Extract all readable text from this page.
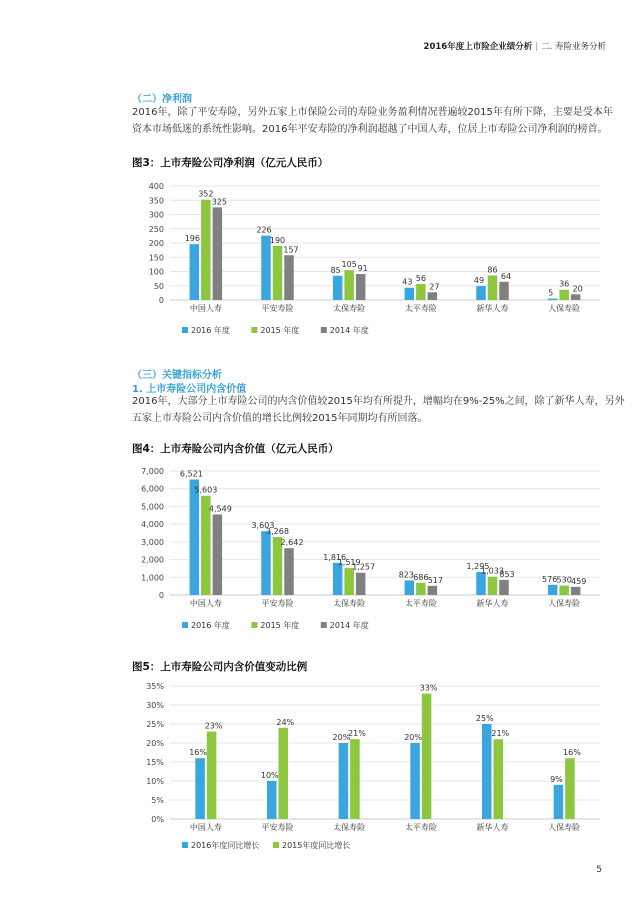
2016年度上市险企业绩分析 | 二. 寿险业务分析
（二）净利润
2016年，除了平安寿险，另外五家上市保险公司的寿险业务盈利情况普遍较2015年有所下降，主要是受本年
资本市场低迷的系统性影响。2016年平安寿险的净利润超越了中国人寿，位居上市寿险公司净利润的榜首。
图3：上市寿险公司净利润（亿元人民币）
0
50
100
150
200
250
300
350
400
196
352
325
中国人寿
226
190
157
平安寿险
85
105 91
太保寿险
43 56
27
太平寿险
49
86
64
新华人寿
5
36
20
人保寿险
2016 年度	2015 年度	2014 年度
（三）关键指标分析
1. 上市寿险公司内含价值
2016年，大部分上市寿险公司的内含价值较2015年均有所提升，增幅均在9%-25%之间，除了新华人寿，另外
五家上市寿险公司内含价值的增长比例较2015年同期均有所回落。
图4：上市寿险公司内含价值（亿元人民币）
0
1,000
2,000
3,000
4,000
5,000
6,000
7,000 6,521
5,603
4,549
中国人寿
3,603
3,268
2,642
平安寿险
1,816
1,519
1,257
太保寿险
823 686 517
太平寿险
1,295
1,033
853
新华人寿
576 530 459
人保寿险
2016 年度	2015 年度	2014 年度
图5：上市寿险公司内含价值变动比例
0%
5%
10%
15%
20%
25%
30%
35%
16%
23%
中国人寿
10%
24%
平安寿险
20%
21%
太保寿险
20%
33%
太平寿险
25%
21%
新华人寿
9%
16%
人保寿险
2016年度同比增长	2015年度同比增长
5
